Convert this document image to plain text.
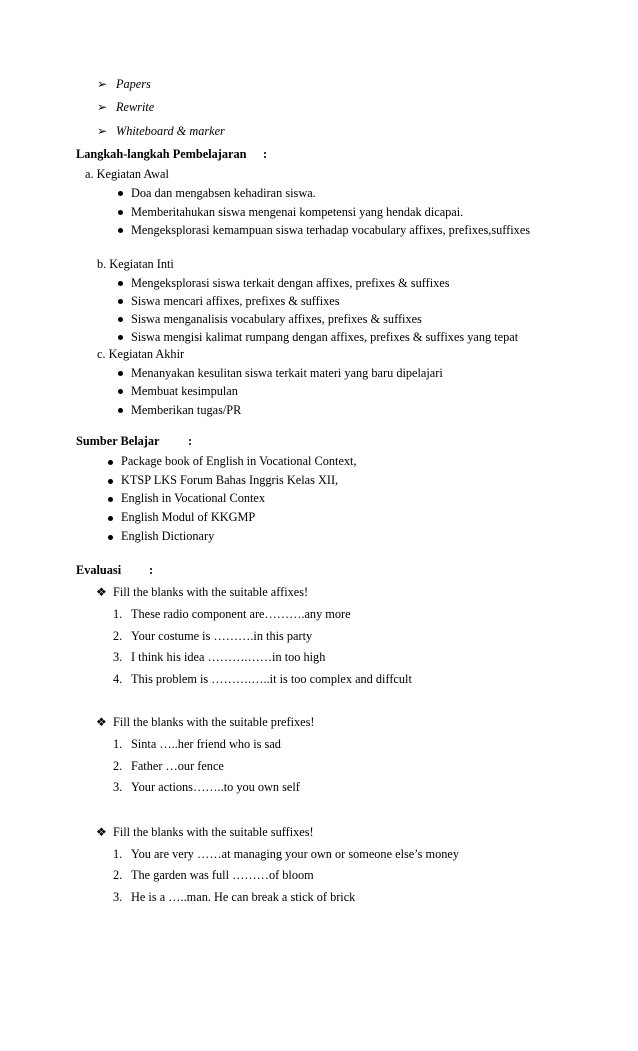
➢ Papers
➢ Rewrite
➢ Whiteboard & marker
Langkah-langkah Pembelajaran :
a. Kegiatan Awal
Doa dan mengabsen kehadiran siswa.
Memberitahukan siswa mengenai kompetensi yang hendak dicapai.
Mengeksplorasi kemampuan siswa terhadap vocabulary affixes, prefixes,suffixes
b. Kegiatan Inti
Mengeksplorasi siswa terkait dengan affixes, prefixes & suffixes
Siswa mencari affixes, prefixes & suffixes
Siswa menganalisis vocabulary affixes, prefixes & suffixes
Siswa mengisi kalimat rumpang dengan affixes, prefixes & suffixes yang tepat
c. Kegiatan Akhir
Menanyakan kesulitan siswa terkait materi yang baru dipelajari
Membuat kesimpulan
Memberikan tugas/PR
Sumber Belajar :
Package book of English in Vocational Context,
KTSP LKS Forum Bahas Inggris Kelas XII,
English in Vocational Contex
English Modul of KKGMP
English Dictionary
Evaluasi :
❖ Fill the blanks with the suitable affixes!
1. These radio component are……….any more
2. Your costume is ……….in this party
3. I think his idea ……….……in too high
4. This problem is ……….…..it is too complex and diffcult
❖ Fill the blanks with the suitable prefixes!
1. Sinta …..her friend who is sad
2. Father …our fence
3. Your actions……..to you own self
❖ Fill the blanks with the suitable suffixes!
1. You are very ……at managing your own or someone else’s money
2. The garden was full ………of bloom
3. He is a …..man. He can break a stick of brick
